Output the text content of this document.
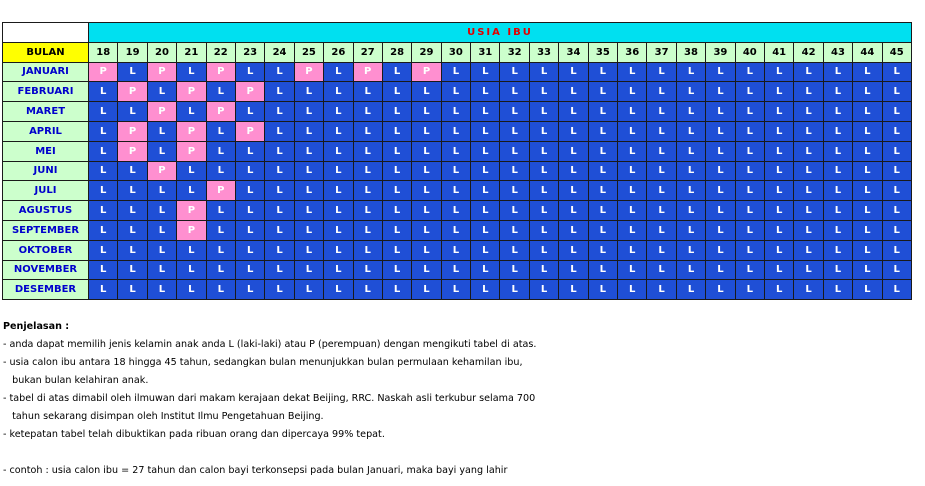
	USIA IBU																											
BULAN	18	19	20	21	22	23	24	25	26	27	28	29	30	31	32	33	34	35	36	37	38	39	40	41	42	43	44	45
JANUARI	P	L	P	L	P	L	L	P	L	P	L	P	L	L	L	L	L	L	L	L	L	L	L	L	L	L	L	L
FEBRUARI	L	P	L	P	L	P	L	L	L	L	L	L	L	L	L	L	L	L	L	L	L	L	L	L	L	L	L	L
MARET	L	L	P	L	P	L	L	L	L	L	L	L	L	L	L	L	L	L	L	L	L	L	L	L	L	L	L	L
APRIL	L	P	L	P	L	P	L	L	L	L	L	L	L	L	L	L	L	L	L	L	L	L	L	L	L	L	L	L
MEI	L	P	L	P	L	L	L	L	L	L	L	L	L	L	L	L	L	L	L	L	L	L	L	L	L	L	L	L
JUNI	L	L	P	L	L	L	L	L	L	L	L	L	L	L	L	L	L	L	L	L	L	L	L	L	L	L	L	L
JULI	L	L	L	L	P	L	L	L	L	L	L	L	L	L	L	L	L	L	L	L	L	L	L	L	L	L	L	L
AGUSTUS	L	L	L	P	L	L	L	L	L	L	L	L	L	L	L	L	L	L	L	L	L	L	L	L	L	L	L	L
SEPTEMBER	L	L	L	P	L	L	L	L	L	L	L	L	L	L	L	L	L	L	L	L	L	L	L	L	L	L	L	L
OKTOBER	L	L	L	L	L	L	L	L	L	L	L	L	L	L	L	L	L	L	L	L	L	L	L	L	L	L	L	L
NOVEMBER	L	L	L	L	L	L	L	L	L	L	L	L	L	L	L	L	L	L	L	L	L	L	L	L	L	L	L	L
DESEMBER	L	L	L	L	L	L	L	L	L	L	L	L	L	L	L	L	L	L	L	L	L	L	L	L	L	L	L	L
Penjelasan :
- anda dapat memilih jenis kelamin anak anda L (laki-laki) atau P (perempuan) dengan mengikuti tabel di atas.
- usia calon ibu antara 18 hingga 45 tahun, sedangkan bulan menunjukkan bulan permulaan kehamilan ibu,
bukan bulan kelahiran anak.
- tabel di atas dimabil oleh ilmuwan dari makam kerajaan dekat Beijing, RRC. Naskah asli terkubur selama 700
tahun sekarang disimpan oleh Institut Ilmu Pengetahuan Beijing.
- ketepatan tabel telah dibuktikan pada ribuan orang dan dipercaya 99% tepat.

- contoh : usia calon ibu = 27 tahun dan calon bayi terkonsepsi pada bulan Januari, maka bayi yang lahir
